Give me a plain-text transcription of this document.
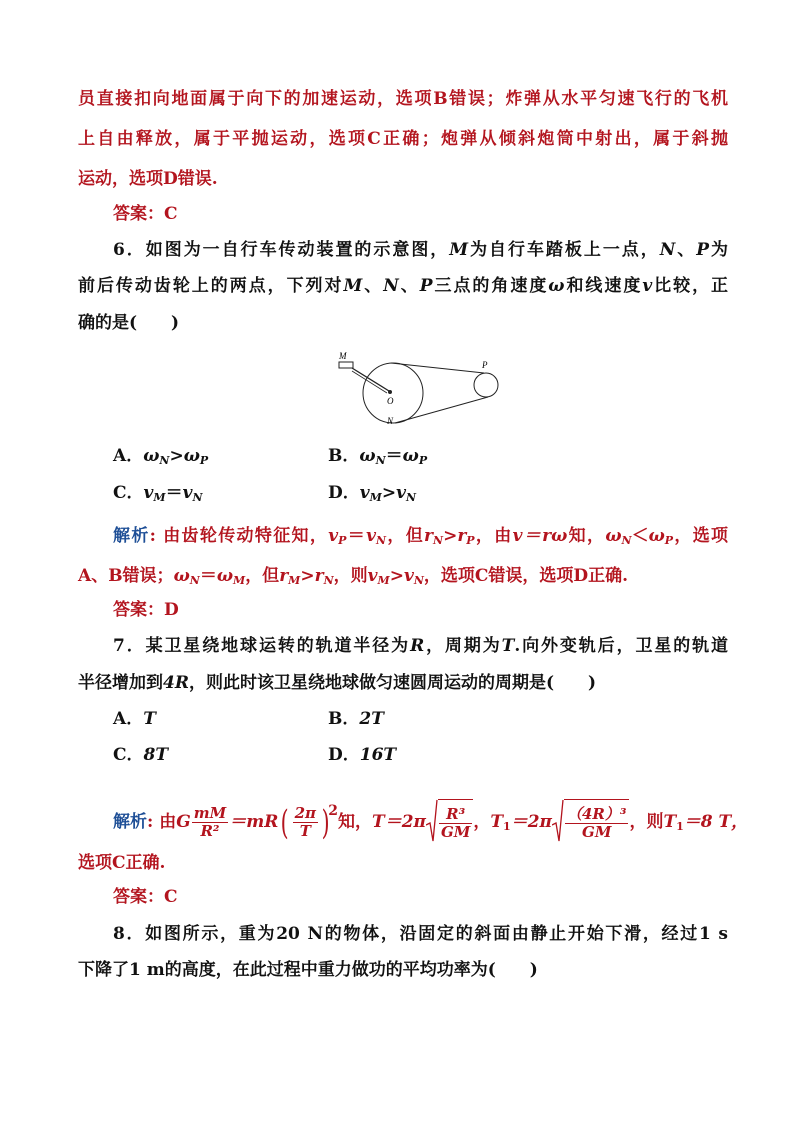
员直接扣向地面属于向下的加速运动，选项B错误；炸弹从水平匀速飞行的飞机
上自由释放，属于平抛运动，选项C正确；炮弹从倾斜炮筒中射出，属于斜抛
运动，选项D错误.
答案：C
6．如图为一自行车传动装置的示意图，M为自行车踏板上一点，N、P为
前后传动齿轮上的两点，下列对M、N、P三点的角速度ω和线速度v比较，正
确的是(　　)
M
O
N
P
A．$\omega_N>\omega_P$	B．$\omega_N=\omega_P$
C．$v_M=v_N$	D．$v_M>v_N$
解析: 由齿轮传动特征知，$v_P=v_N$，但$r_N>r_P$，由v＝rω知，$\omega_N<\omega_P$，选项
A、B错误；$\omega_N=\omega_M$，但$r_M>r_N$，则$v_M>v_N$，选项C错误，选项D正确.
答案：D
7．某卫星绕地球运转的轨道半径为R，周期为T.向外变轨后，卫星的轨道
半径增加到4R，则此时该卫星绕地球做匀速圆周运动的周期是(　　)
A．T	B．2T
C．8T	D．16T
解析: 由G $\frac{mM}{\text{R²}} =mR( \frac{2\pi}{T} )^2$知，$T=2\pi \frac{\text{R³}}{GM}$ ，$T_1=2\pi \frac{\text{（4R）³}}{GM}$ ，则$T_1=8$ T，
选项C正确.
答案：C
8．如图所示，重为20 N的物体，沿固定的斜面由静止开始下滑，经过1 s
下降了1 m的高度，在此过程中重力做功的平均功率为(　　)
